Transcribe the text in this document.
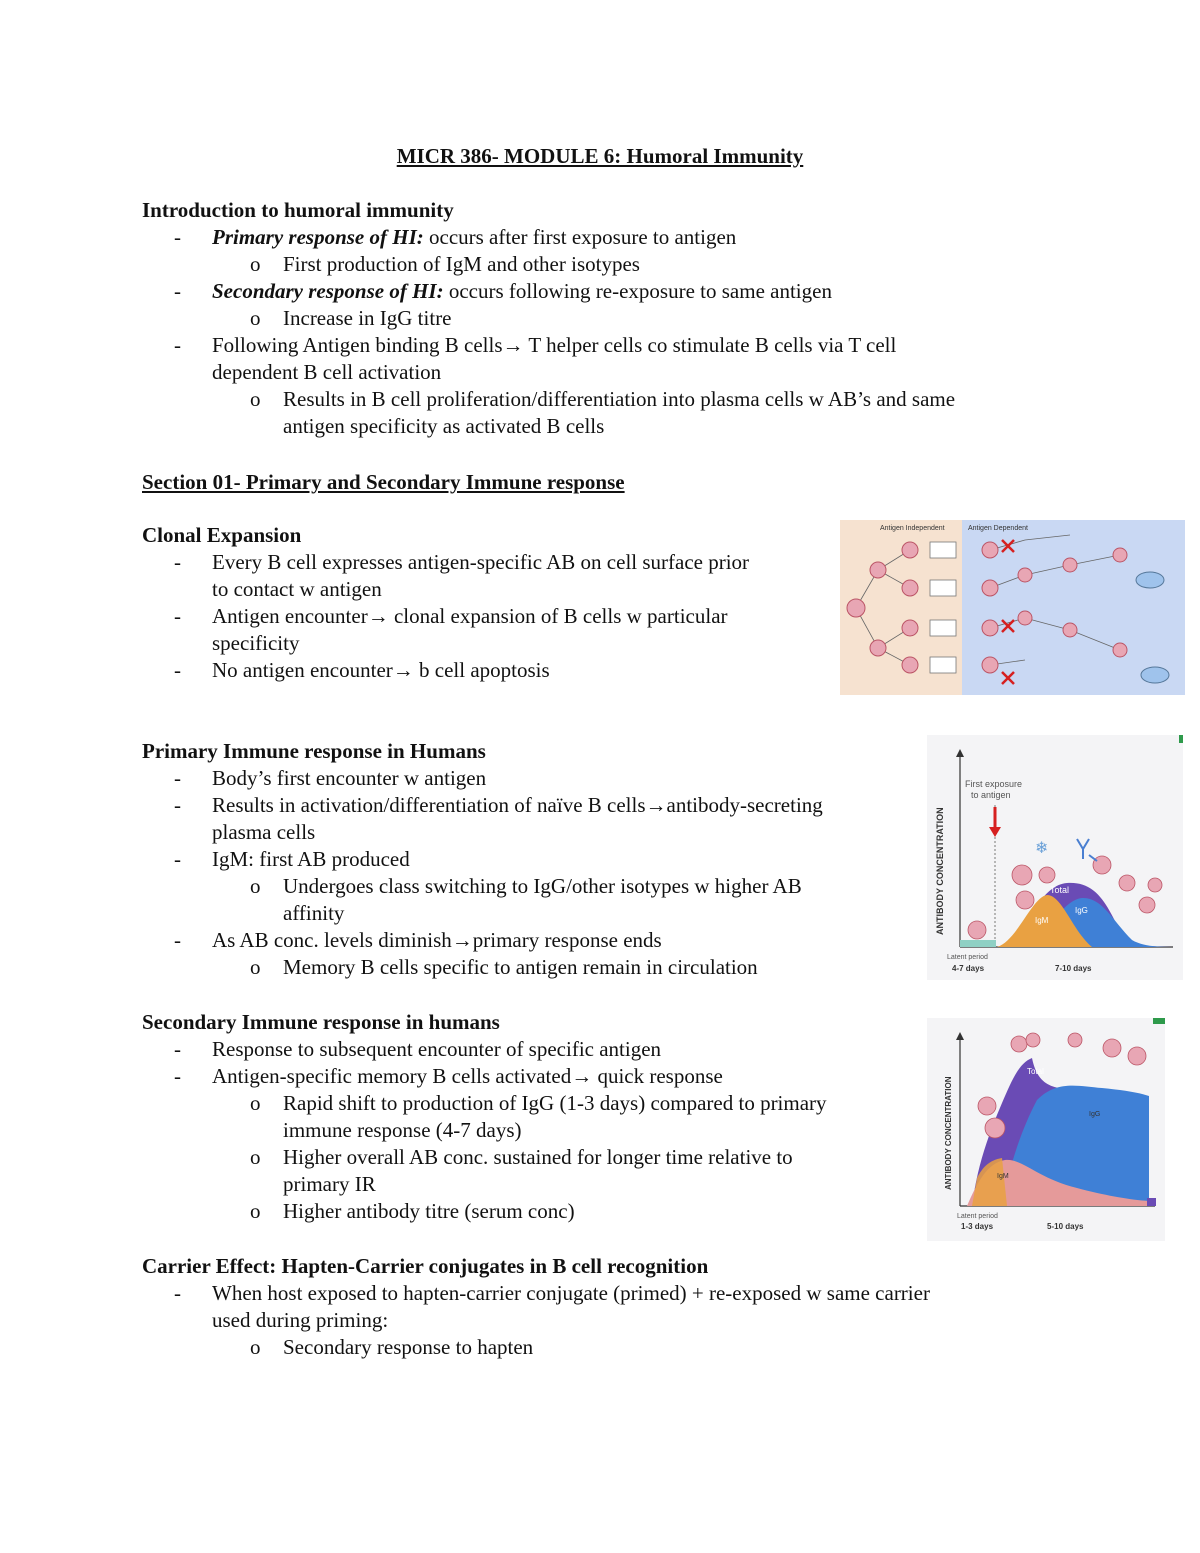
MICR 386- MODULE 6: Humoral Immunity
Introduction to humoral immunity
- Primary response of HI: occurs after first exposure to antigen
o First production of IgM and other isotypes
- Secondary response of HI: occurs following re-exposure to same antigen
o Increase in IgG titre
- Following Antigen binding B cells→ T helper cells co stimulate B cells via T cell
dependent B cell activation
o Results in B cell proliferation/differentiation into plasma cells w AB’s and same
antigen specificity as activated B cells
Section 01- Primary and Secondary Immune response
Clonal Expansion
- Every B cell expresses antigen-specific AB on cell surface prior
to contact w antigen
- Antigen encounter→ clonal expansion of B cells w particular
specificity
- No antigen encounter→ b cell apoptosis
Primary Immune response in Humans
- Body’s first encounter w antigen
- Results in activation/differentiation of naïve B cells→antibody-secreting
plasma cells
- IgM: first AB produced
o Undergoes class switching to IgG/other isotypes w higher AB
affinity
- As AB conc. levels diminish→primary response ends
o Memory B cells specific to antigen remain in circulation
Secondary Immune response in humans
- Response to subsequent encounter of specific antigen
- Antigen-specific memory B cells activated→ quick response
o Rapid shift to production of IgG (1-3 days) compared to primary
immune response (4-7 days)
o Higher overall AB conc. sustained for longer time relative to
primary IR
o Higher antibody titre (serum conc)
Carrier Effect: Hapten-Carrier conjugates in B cell recognition
- When host exposed to hapten-carrier conjugate (primed) + re-exposed w same carrier
used during priming:
o Secondary response to hapten
Antigen Independent	Antigen Dependent
ANTIBODY CONCENTRATION
First exposure
to antigen
Total
IgM
IgG
❄
Latent period
4-7 days	7-10 days
ANTIBODY CONCENTRATION
Total
IgM
IgG
Latent period
1-3 days	5-10 days
